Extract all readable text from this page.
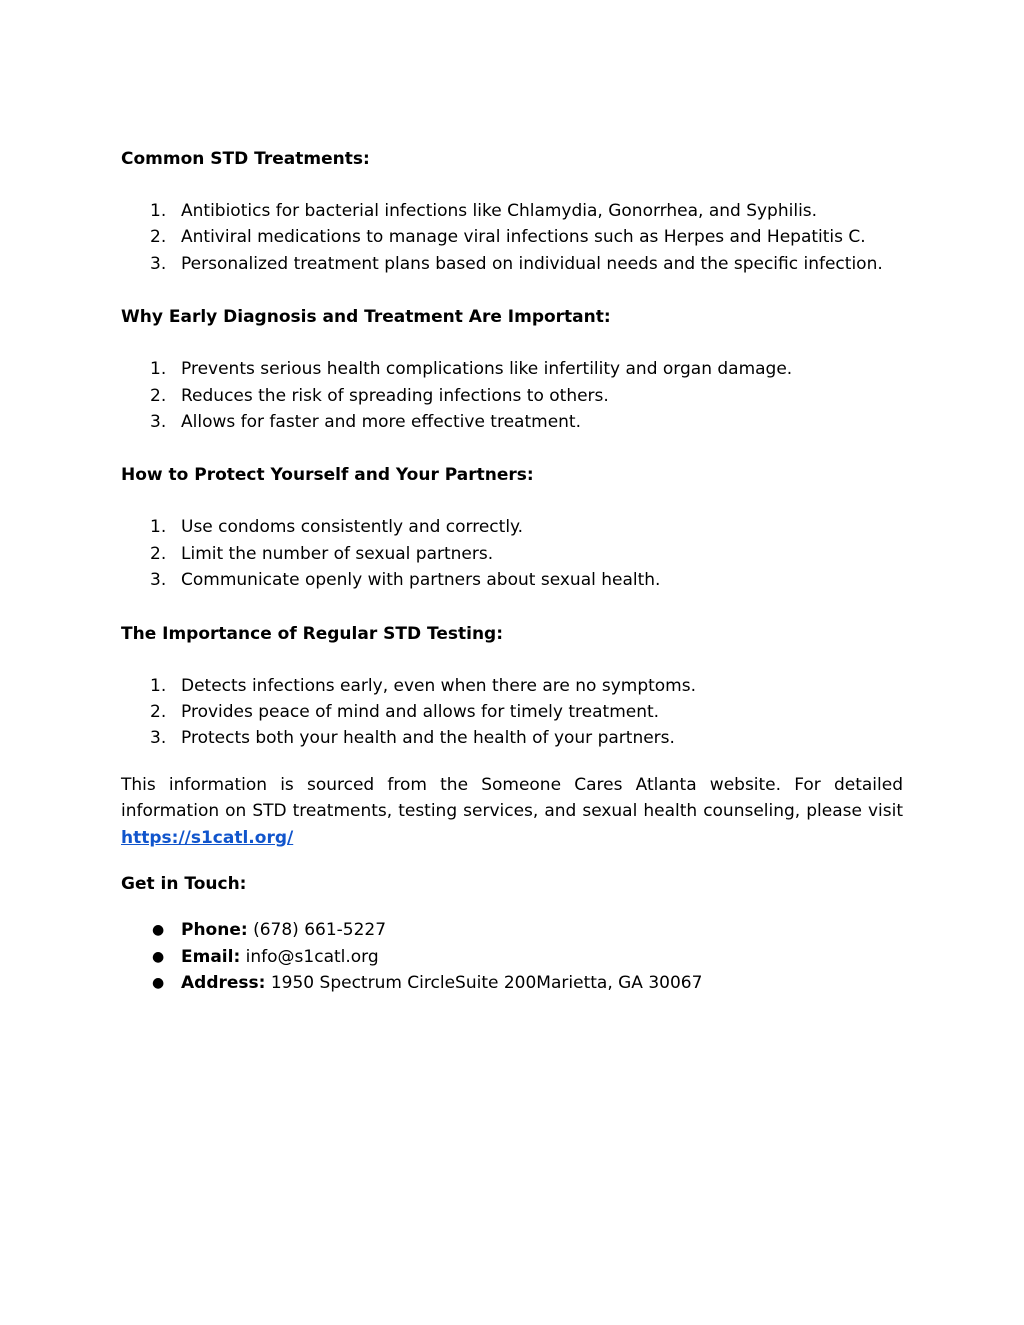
Common STD Treatments:
1. Antibiotics for bacterial infections like Chlamydia, Gonorrhea, and Syphilis.
2. Antiviral medications to manage viral infections such as Herpes and Hepatitis C.
3. Personalized treatment plans based on individual needs and the specific infection.
Why Early Diagnosis and Treatment Are Important:
1. Prevents serious health complications like infertility and organ damage.
2. Reduces the risk of spreading infections to others.
3. Allows for faster and more effective treatment.
How to Protect Yourself and Your Partners:
1. Use condoms consistently and correctly.
2. Limit the number of sexual partners.
3. Communicate openly with partners about sexual health.
The Importance of Regular STD Testing:
1. Detects infections early, even when there are no symptoms.
2. Provides peace of mind and allows for timely treatment.
3. Protects both your health and the health of your partners.

This information is sourced from the Someone Cares Atlanta website. For detailed information on STD treatments, testing services, and sexual health counseling, please visit https://s1catl.org/

Get in Touch:
● Phone: (678) 661-5227
● Email: info@s1catl.org
● Address: 1950 Spectrum CircleSuite 200Marietta, GA 30067
